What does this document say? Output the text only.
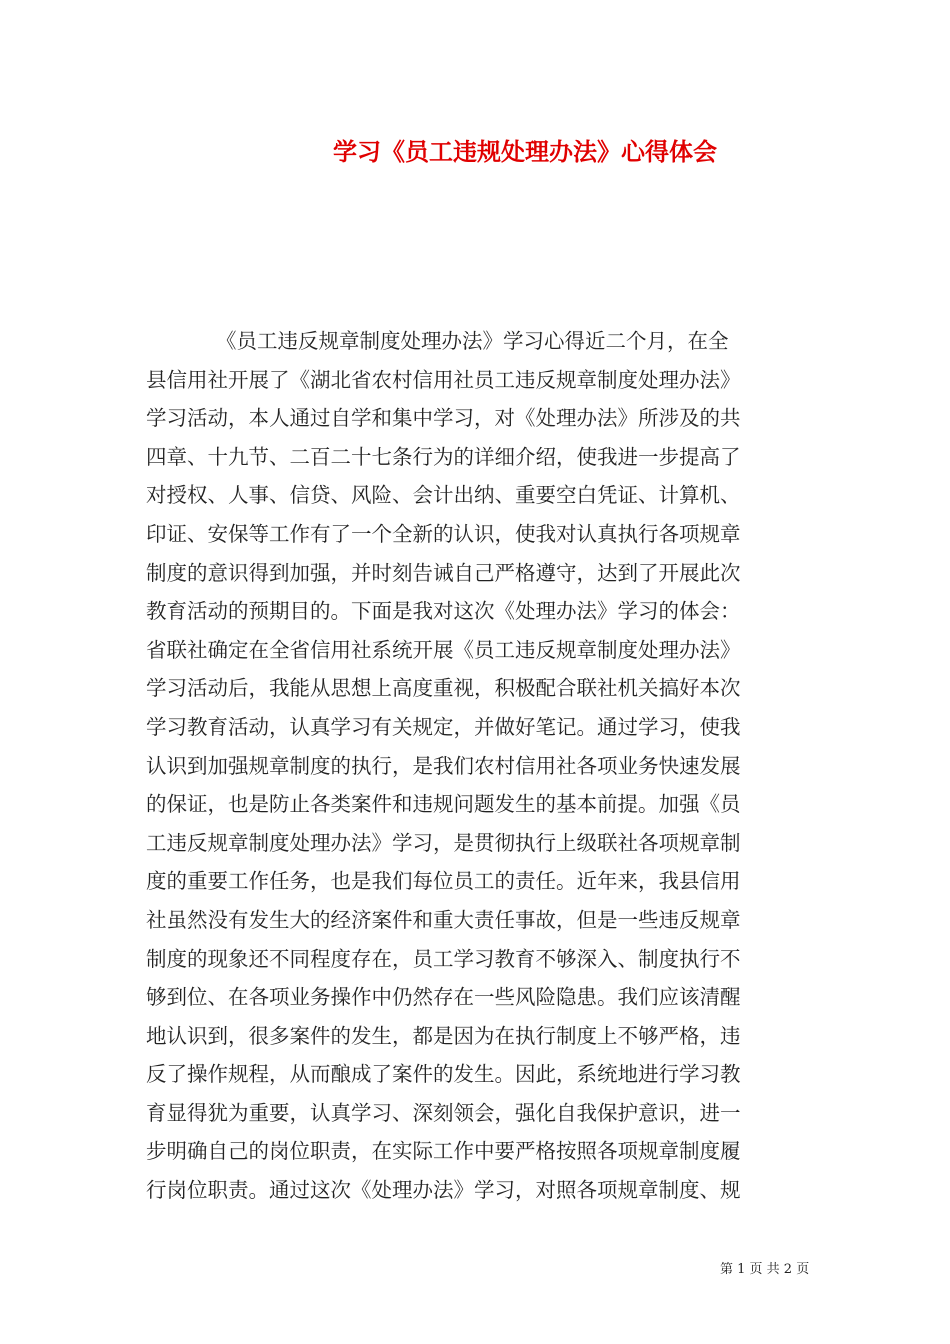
学习《员工违规处理办法》心得体会
《员工违反规章制度处理办法》学习心得近二个月，在全
县信用社开展了《湖北省农村信用社员工违反规章制度处理办法》
学习活动，本人通过自学和集中学习，对《处理办法》所涉及的共
四章、十九节、二百二十七条行为的详细介绍，使我进一步提高了
对授权、人事、信贷、风险、会计出纳、重要空白凭证、计算机、
印证、安保等工作有了一个全新的认识，使我对认真执行各项规章
制度的意识得到加强，并时刻告诫自己严格遵守，达到了开展此次
教育活动的预期目的。下面是我对这次《处理办法》学习的体会：
省联社确定在全省信用社系统开展《员工违反规章制度处理办法》
学习活动后，我能从思想上高度重视，积极配合联社机关搞好本次
学习教育活动，认真学习有关规定，并做好笔记。通过学习，使我
认识到加强规章制度的执行，是我们农村信用社各项业务快速发展
的保证，也是防止各类案件和违规问题发生的基本前提。加强《员
工违反规章制度处理办法》学习，是贯彻执行上级联社各项规章制
度的重要工作任务，也是我们每位员工的责任。近年来，我县信用
社虽然没有发生大的经济案件和重大责任事故，但是一些违反规章
制度的现象还不同程度存在，员工学习教育不够深入、制度执行不
够到位、在各项业务操作中仍然存在一些风险隐患。我们应该清醒
地认识到，很多案件的发生，都是因为在执行制度上不够严格，违
反了操作规程，从而酿成了案件的发生。因此，系统地进行学习教
育显得犹为重要，认真学习、深刻领会，强化自我保护意识，进一
步明确自己的岗位职责，在实际工作中要严格按照各项规章制度履
行岗位职责。通过这次《处理办法》学习，对照各项规章制度、规
第 1 页 共 2 页
